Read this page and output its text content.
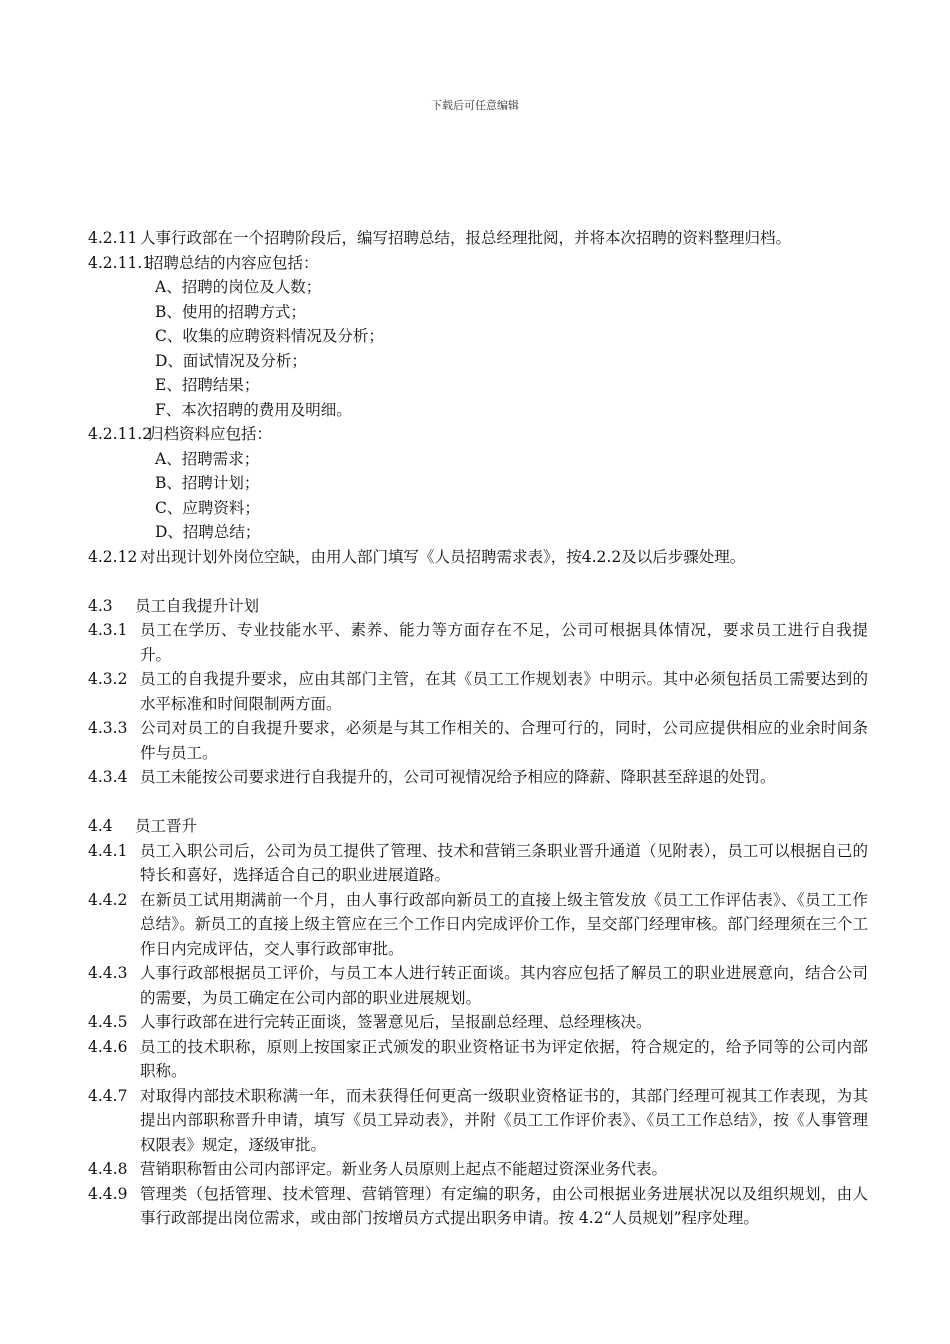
下载后可任意编辑
4.2.11 人事行政部在一个招聘阶段后，编写招聘总结，报总经理批阅，并将本次招聘的资料整理归档。
4.2.11.1
招聘总结的内容应包括：
A、招聘的岗位及人数；
B、使用的招聘方式；
C、收集的应聘资料情况及分析；
D、面试情况及分析；
E、招聘结果；
F、本次招聘的费用及明细。
4.2.11.2
归档资料应包括：
A、招聘需求；
B、招聘计划；
C、应聘资料；
D、招聘总结；
4.2.12 对出现计划外岗位空缺，由用人部门填写《人员招聘需求表》，按4.2.2及以后步骤处理。
4.3 员工自我提升计划
4.3.1 员工在学历、专业技能水平、素养、能力等方面存在不足，公司可根据具体情况，要求员工进行自我提升。
4.3.2 员工的自我提升要求，应由其部门主管，在其《员工工作规划表》中明示。其中必须包括员工需要达到的水平标准和时间限制两方面。
4.3.3 公司对员工的自我提升要求，必须是与其工作相关的、合理可行的，同时，公司应提供相应的业余时间条件与员工。
4.3.4 员工未能按公司要求进行自我提升的，公司可视情况给予相应的降薪、降职甚至辞退的处罚。
4.4 员工晋升
4.4.1 员工入职公司后，公司为员工提供了管理、技术和营销三条职业晋升通道（见附表），员工可以根据自己的特长和喜好，选择适合自己的职业进展道路。
4.4.2 在新员工试用期满前一个月，由人事行政部向新员工的直接上级主管发放《员工工作评估表》、《员工工作总结》。新员工的直接上级主管应在三个工作日内完成评价工作，呈交部门经理审核。部门经理须在三个工作日内完成评估，交人事行政部审批。
4.4.3 人事行政部根据员工评价，与员工本人进行转正面谈。其内容应包括了解员工的职业进展意向，结合公司的需要，为员工确定在公司内部的职业进展规划。
4.4.5 人事行政部在进行完转正面谈，签署意见后，呈报副总经理、总经理核决。
4.4.6 员工的技术职称，原则上按国家正式颁发的职业资格证书为评定依据，符合规定的，给予同等的公司内部职称。
4.4.7 对取得内部技术职称满一年，而未获得任何更高一级职业资格证书的，其部门经理可视其工作表现，为其提出内部职称晋升申请，填写《员工异动表》，并附《员工工作评价表》、《员工工作总结》，按《人事管理权限表》规定，逐级审批。
4.4.8 营销职称暂由公司内部评定。新业务人员原则上起点不能超过资深业务代表。
4.4.9 管理类（包括管理、技术管理、营销管理）有定编的职务，由公司根据业务进展状况以及组织规划，由人事行政部提出岗位需求，或由部门按增员方式提出职务申请。按 4.2“人员规划”程序处理。
